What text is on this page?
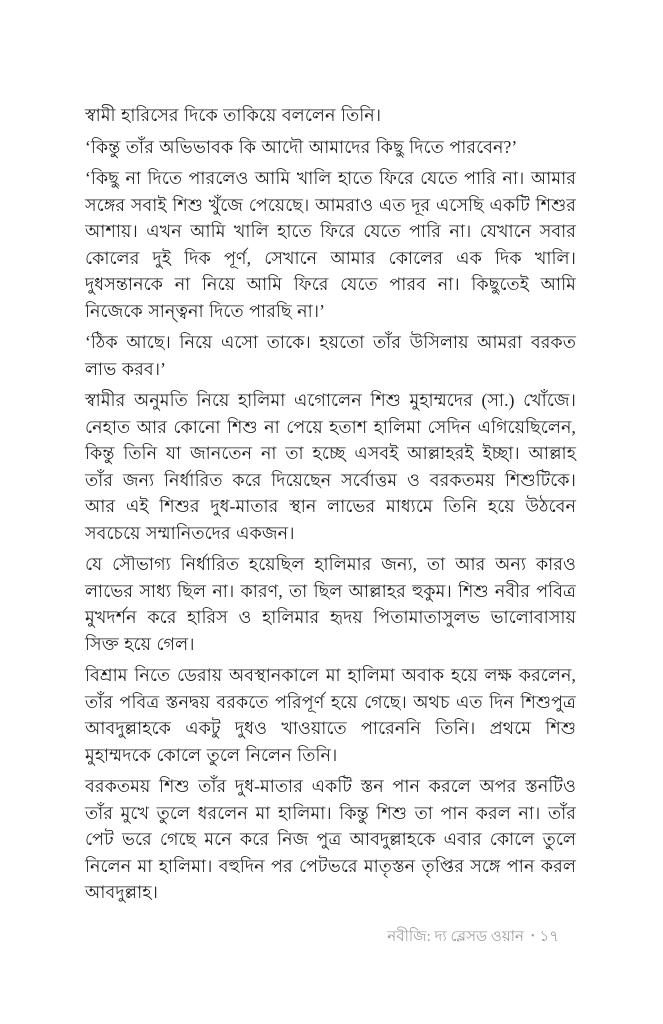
স্বামী হারিসের দিকে তাকিয়ে বললেন তিনি।

‘কিন্তু তাঁর অভিভাবক কি আদৌ আমাদের কিছু দিতে পারবেন?’

‘কিছু না দিতে পারলেও আমি খালি হাতে ফিরে যেতে পারি না। আমার সঙ্গের সবাই শিশু খুঁজে পেয়েছে। আমরাও এত দূর এসেছি একটি শিশুর আশায়। এখন আমি খালি হাতে ফিরে যেতে পারি না। যেখানে সবার কোলের দুই দিক পূর্ণ, সেখানে আমার কোলের এক দিক খালি। দুধসন্তানকে না নিয়ে আমি ফিরে যেতে পারব না। কিছুতেই আমি নিজেকে সান্ত্বনা দিতে পারছি না।’

‘ঠিক আছে। নিয়ে এসো তাকে। হয়তো তাঁর উসিলায় আমরা বরকত লাভ করব।’

স্বামীর অনুমতি নিয়ে হালিমা এগোলেন শিশু মুহাম্মদের (সা.) খোঁজে। নেহাত আর কোনো শিশু না পেয়ে হতাশ হালিমা সেদিন এগিয়েছিলেন, কিন্তু তিনি যা জানতেন না তা হচ্ছে এসবই আল্লাহরই ইচ্ছা। আল্লাহ তাঁর জন্য নির্ধারিত করে দিয়েছেন সর্বোত্তম ও বরকতময় শিশুটিকে। আর এই শিশুর দুধ-মাতার স্থান লাভের মাধ্যমে তিনি হয়ে উঠবেন সবচেয়ে সম্মানিতদের একজন।

যে সৌভাগ্য নির্ধারিত হয়েছিল হালিমার জন্য, তা আর অন্য কারও লাভের সাধ্য ছিল না। কারণ, তা ছিল আল্লাহর হুকুম। শিশু নবীর পবিত্র মুখদর্শন করে হারিস ও হালিমার হৃদয় পিতামাতাসুলভ ভালোবাসায় সিক্ত হয়ে গেল।

বিশ্রাম নিতে ডেরায় অবস্থানকালে মা হালিমা অবাক হয়ে লক্ষ করলেন, তাঁর পবিত্র স্তনদ্বয় বরকতে পরিপূর্ণ হয়ে গেছে। অথচ এত দিন শিশুপুত্র আবদুল্লাহকে একটু দুধও খাওয়াতে পারেননি তিনি। প্রথমে শিশু মুহাম্মদকে কোলে তুলে নিলেন তিনি।

বরকতময় শিশু তাঁর দুধ-মাতার একটি স্তন পান করলে অপর স্তনটিও তাঁর মুখে তুলে ধরলেন মা হালিমা। কিন্তু শিশু তা পান করল না। তাঁর পেট ভরে গেছে মনে করে নিজ পুত্র আবদুল্লাহকে এবার কোলে তুলে নিলেন মা হালিমা। বহুদিন পর পেটভরে মাতৃস্তন তৃপ্তির সঙ্গে পান করল আবদুল্লাহ।

নবীজি: দ্য ব্লেসড ওয়ান • ১৭
